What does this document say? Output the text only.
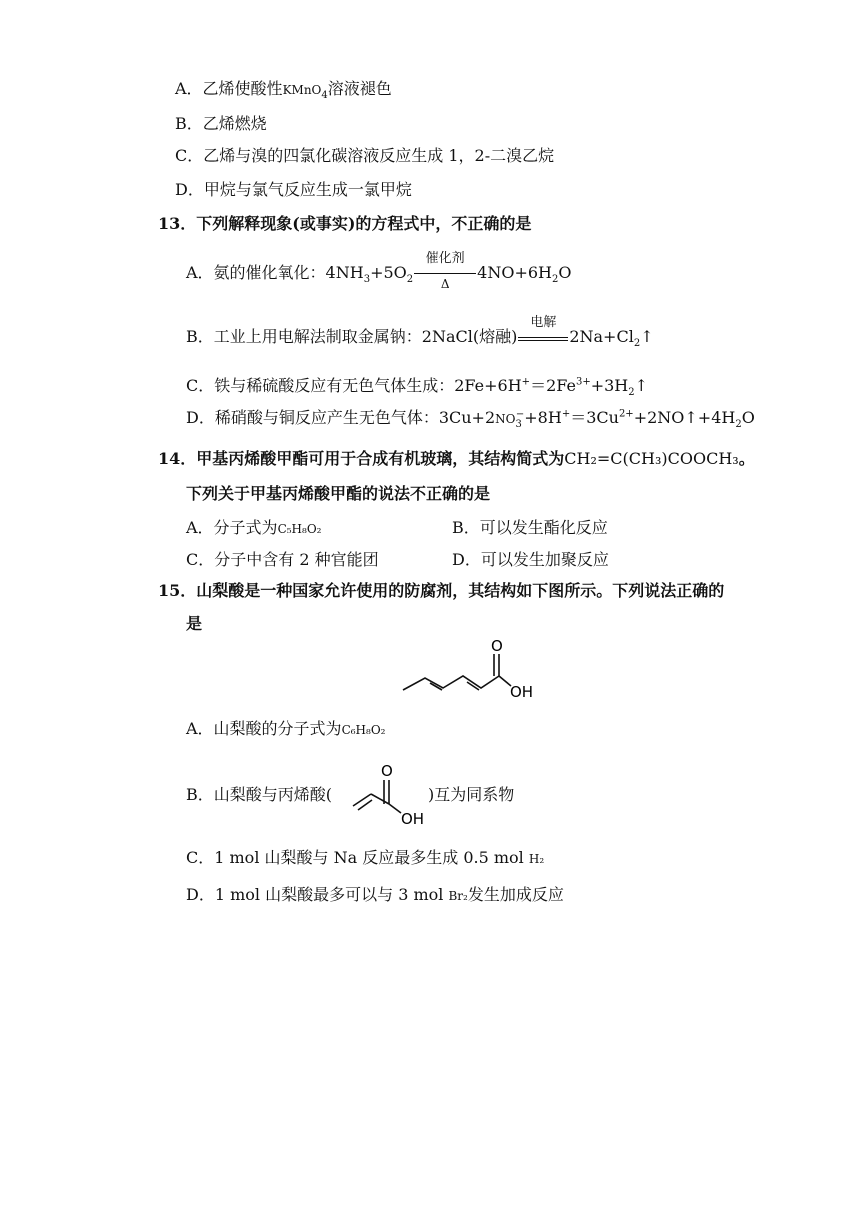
A．乙烯使酸性KMnO$_4$溶液褪色
B．乙烯燃烧
C．乙烯与溴的四氯化碳溶液反应生成 1，2-二溴乙烷
D．甲烷与氯气反应生成一氯甲烷
13．下列解释现象(或事实)的方程式中，不正确的是
A．氨的催化氧化：$4NH_3+5O_2$
催化剂
Δ
$4NO+6H_2O$
B．工业上用电解法制取金属钠：2NaCl(熔融)
电解
$2Na+Cl_2↑$
C．铁与稀硫酸反应有无色气体生成：$2Fe+6H^+=2Fe^{3+}+3H_2↑$
D．稀硝酸与铜反应产生无色气体：$3Cu+2NO_3^-+8H^+=3Cu^{2+}+2NO↑+4H_2O$
14．甲基丙烯酸甲酯可用于合成有机玻璃，其结构简式为CH₂=C(CH₃)COOCH₃。
下列关于甲基丙烯酸甲酯的说法不正确的是
A．分子式为C₅H₈O₂	B．可以发生酯化反应
C．分子中含有 2 种官能团	D．可以发生加聚反应
15．山梨酸是一种国家允许使用的防腐剂，其结构如下图所示。下列说法正确的
是
O
OH
A．山梨酸的分子式为C₆H₈O₂
B．山梨酸与丙烯酸(	)互为同系物
O
OH
C．1 mol 山梨酸与 Na 反应最多生成 0.5 mol H₂
D．1 mol 山梨酸最多可以与 3 mol Br₂发生加成反应
